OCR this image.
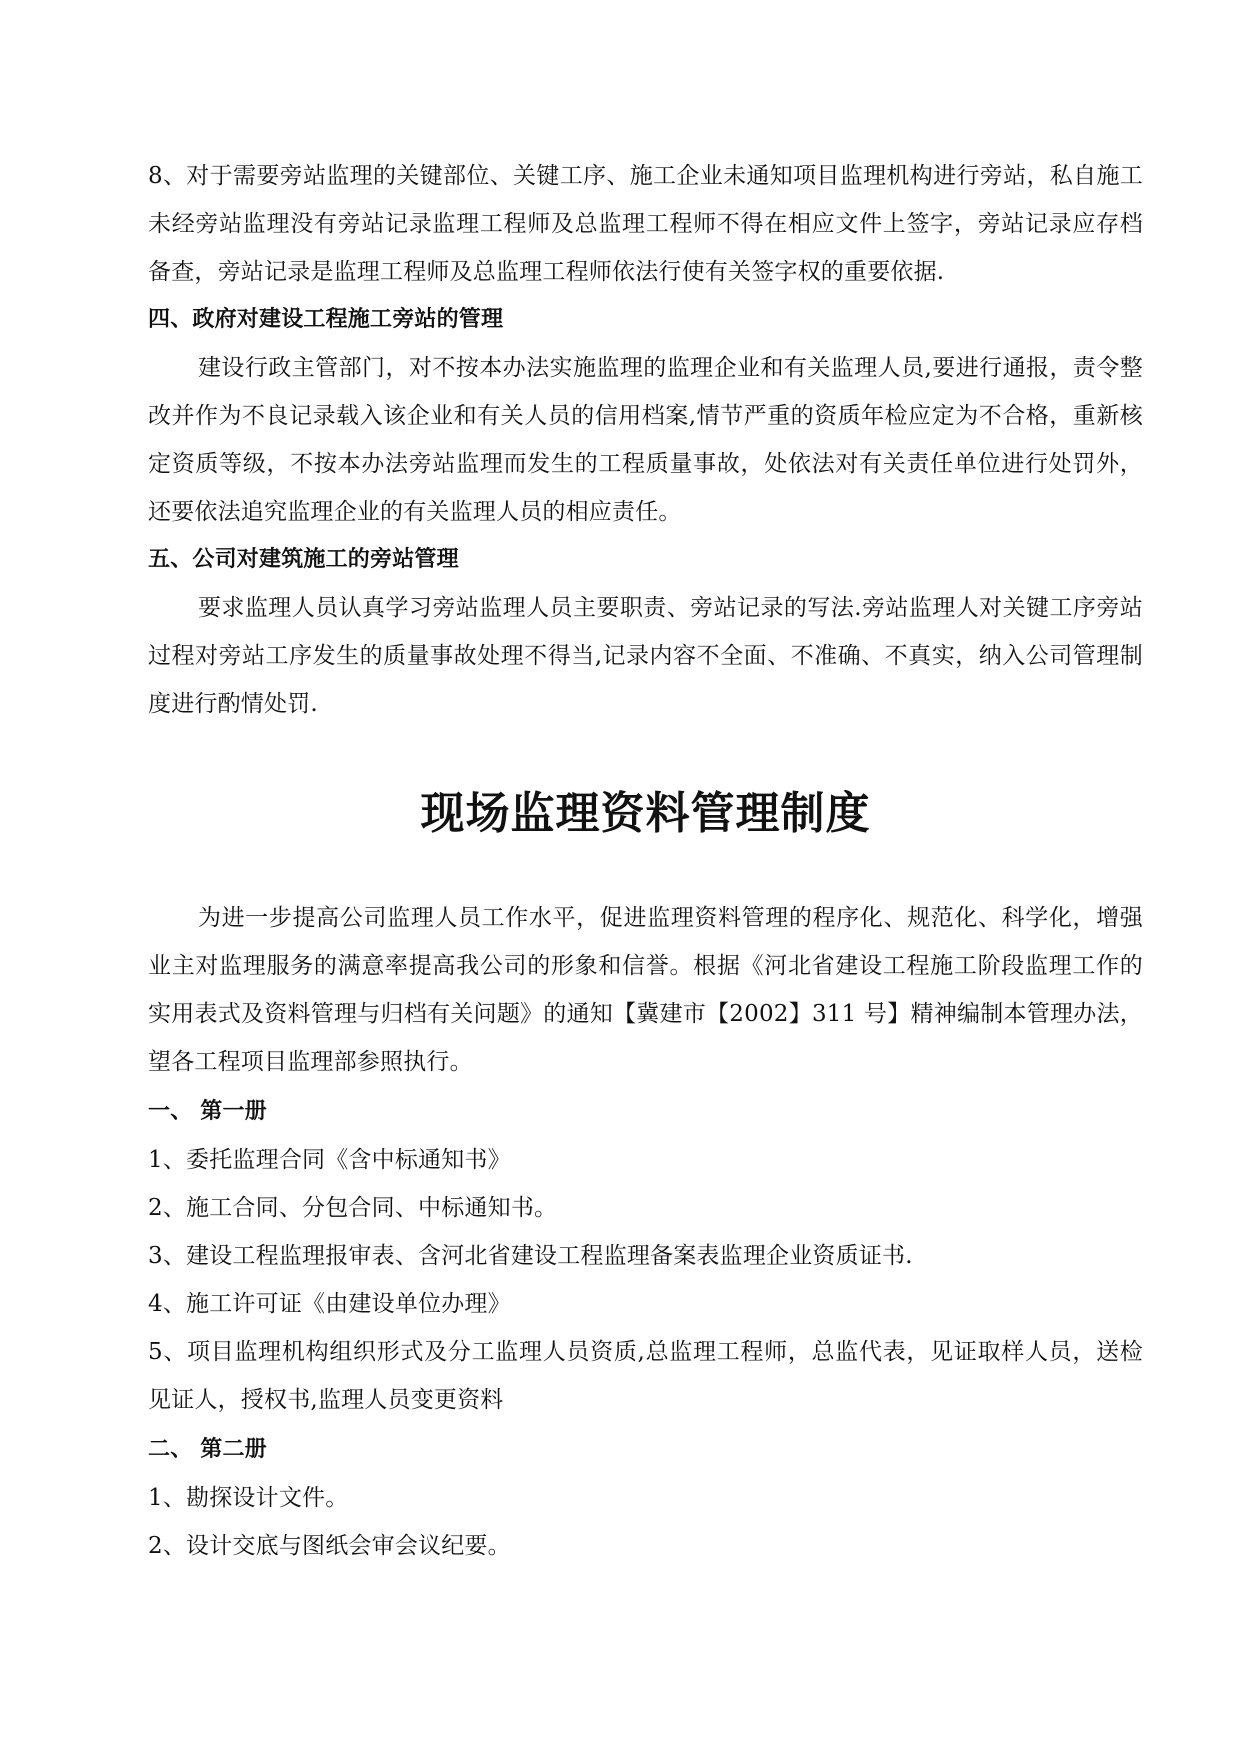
8、对于需要旁站监理的关键部位、关键工序、施工企业未通知项目监理机构进行旁站，私自施工未经旁站监理没有旁站记录监理工程师及总监理工程师不得在相应文件上签字，旁站记录应存档备查，旁站记录是监理工程师及总监理工程师依法行使有关签字权的重要依据.

四、政府对建设工程施工旁站的管理

建设行政主管部门，对不按本办法实施监理的监理企业和有关监理人员,要进行通报，责令整改并作为不良记录载入该企业和有关人员的信用档案,情节严重的资质年检应定为不合格，重新核定资质等级，不按本办法旁站监理而发生的工程质量事故，处依法对有关责任单位进行处罚外，还要依法追究监理企业的有关监理人员的相应责任。

五、公司对建筑施工的旁站管理

要求监理人员认真学习旁站监理人员主要职责、旁站记录的写法.旁站监理人对关键工序旁站过程对旁站工序发生的质量事故处理不得当,记录内容不全面、不准确、不真实，纳入公司管理制度进行酌情处罚.

现场监理资料管理制度

为进一步提高公司监理人员工作水平，促进监理资料管理的程序化、规范化、科学化，增强业主对监理服务的满意率提高我公司的形象和信誉。根据《河北省建设工程施工阶段监理工作的实用表式及资料管理与归档有关问题》的通知【冀建市【2002】311 号】精神编制本管理办法，望各工程项目监理部参照执行。

一、 第一册

1、委托监理合同《含中标通知书》

2、施工合同、分包合同、中标通知书。

3、建设工程监理报审表、含河北省建设工程监理备案表监理企业资质证书.

4、施工许可证《由建设单位办理》

5、项目监理机构组织形式及分工监理人员资质,总监理工程师，总监代表，见证取样人员，送检见证人，授权书,监理人员变更资料

二、 第二册

1、勘探设计文件。

2、设计交底与图纸会审会议纪要。
